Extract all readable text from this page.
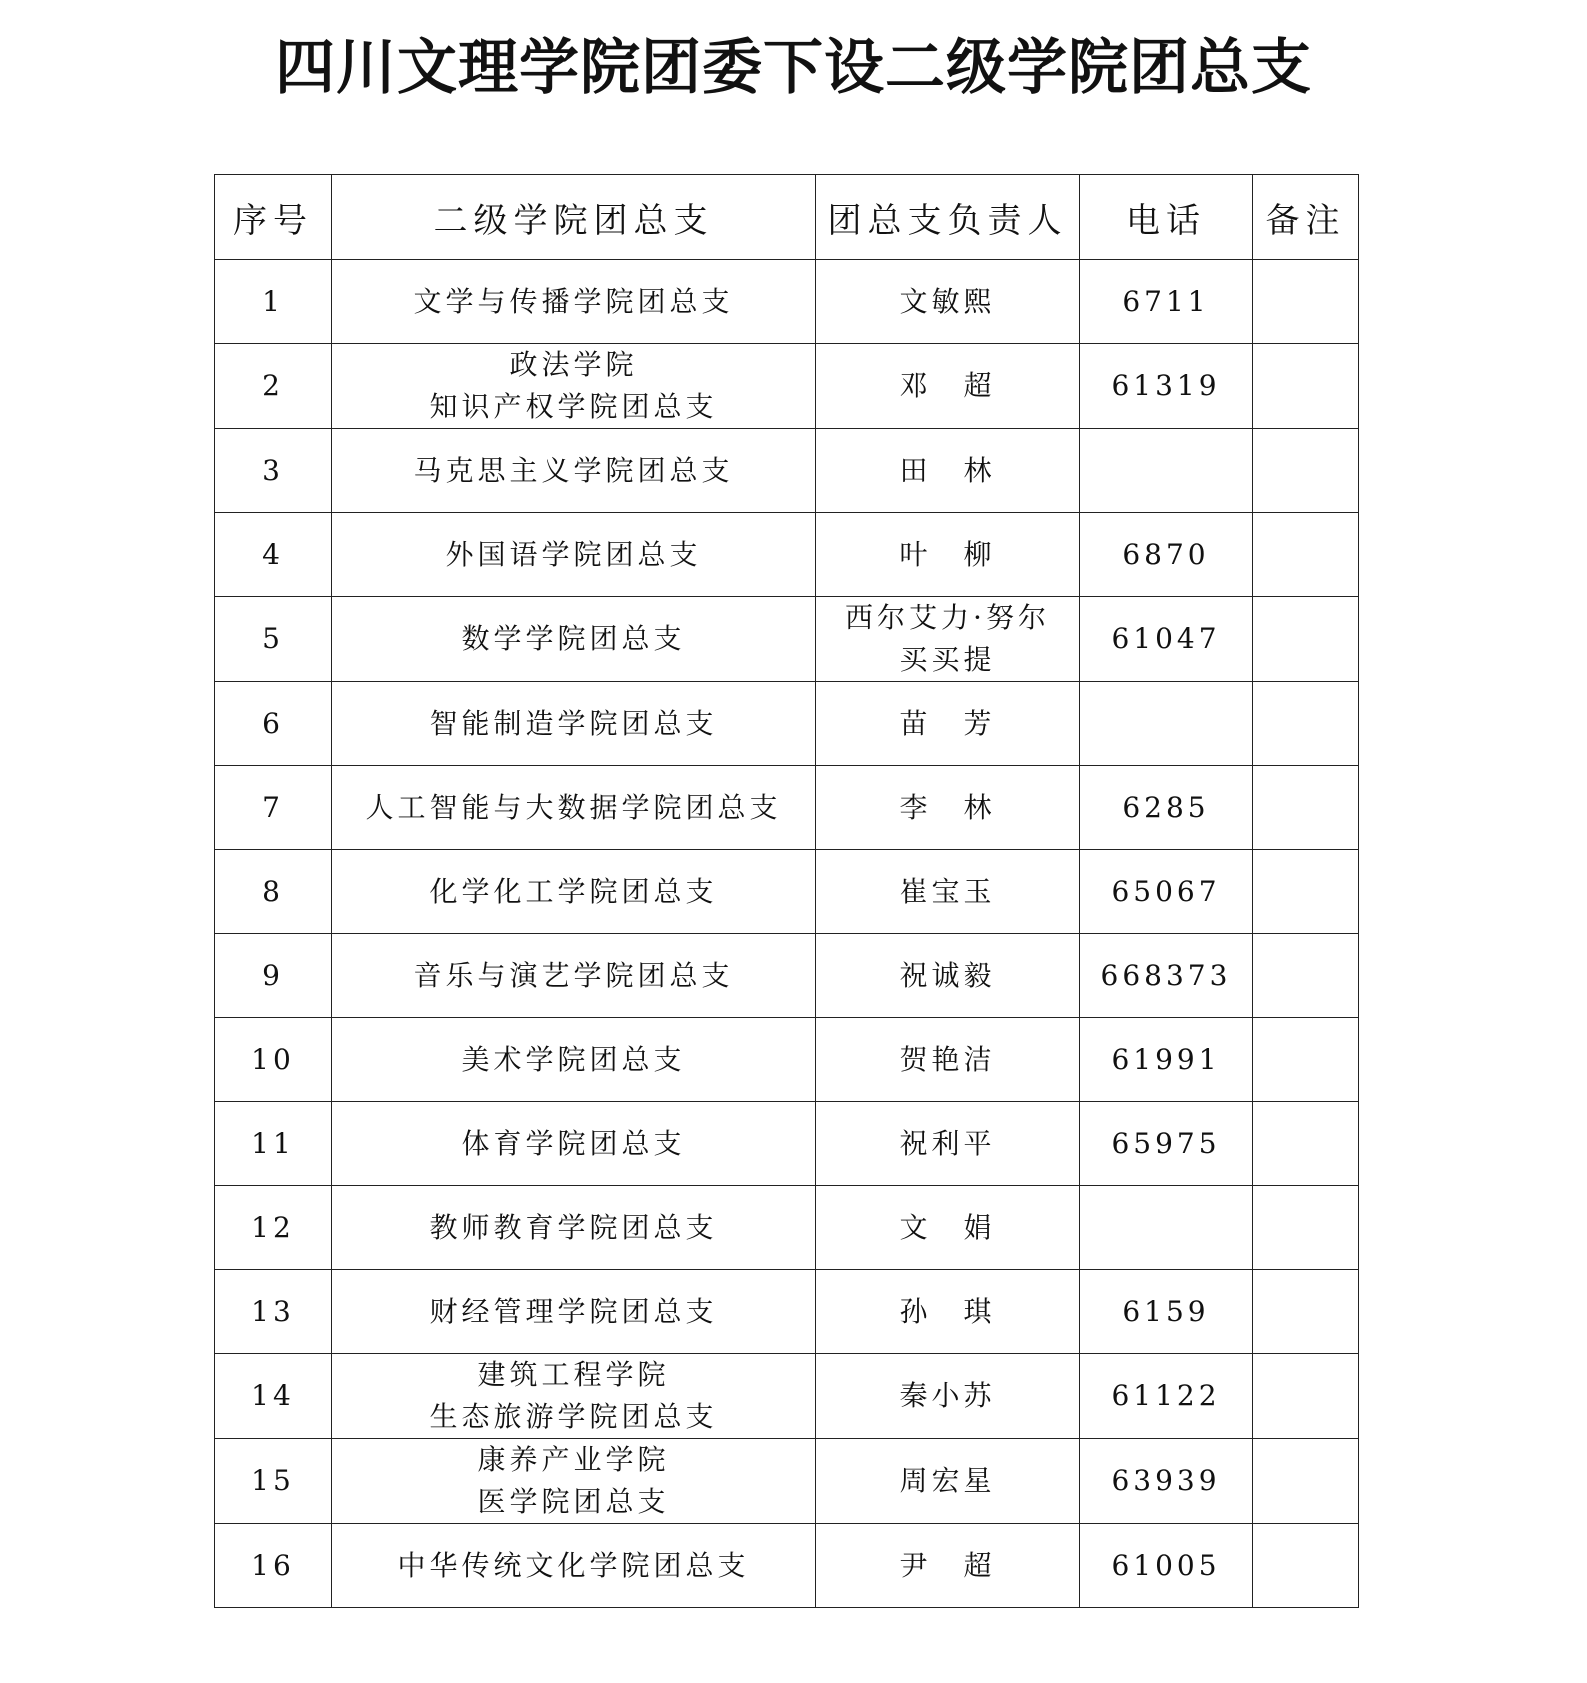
四川文理学院团委下设二级学院团总支
序号	二级学院团总支	团总支负责人	电话	备注
1	文学与传播学院团总支	文敏熙	6711	
2	政法学院
知识产权学院团总支	邓　超	61319	
3	马克思主义学院团总支	田　林		

4	外国语学院团总支	叶　柳	6870	
5	数学学院团总支	西尔艾力·努尔
买买提	61047	
6	智能制造学院团总支	苗　芳		

7	人工智能与大数据学院团总支	李　林	6285	
8	化学化工学院团总支	崔宝玉	65067	
9	音乐与演艺学院团总支	祝诚毅	668373	
10	美术学院团总支	贺艳洁	61991	
11	体育学院团总支	祝利平	65975	
12	教师教育学院团总支	文　娟		

13	财经管理学院团总支	孙　琪	6159	
14	建筑工程学院
生态旅游学院团总支	秦小苏	61122	
15	康养产业学院
医学院团总支	周宏星	63939	
16	中华传统文化学院团总支	尹　超	61005	
